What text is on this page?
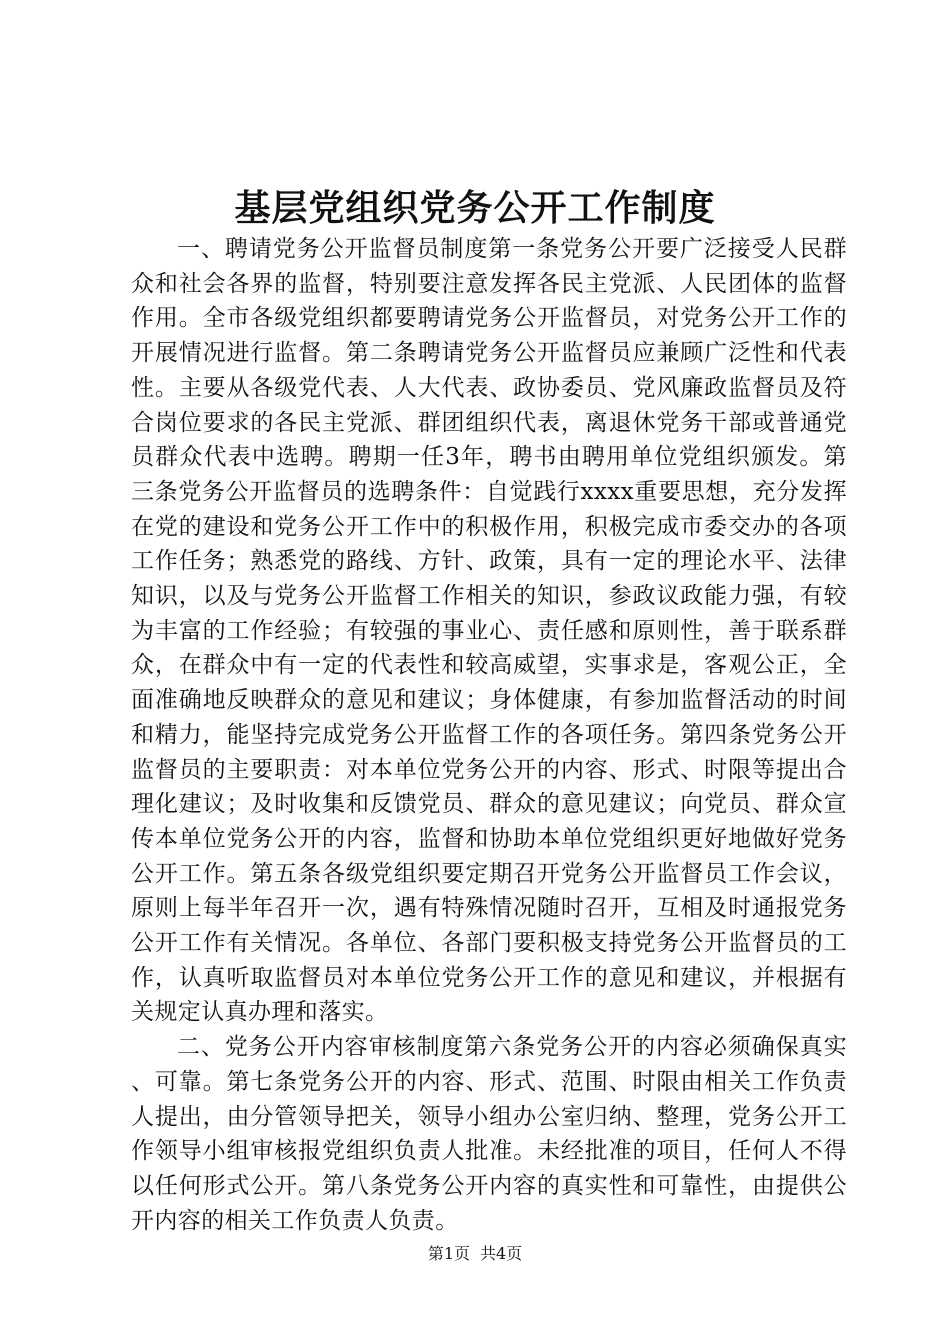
基层党组织党务公开工作制度

一、聘请党务公开监督员制度第一条党务公开要广泛接受人民群众和社会各界的监督，特别要注意发挥各民主党派、人民团体的监督作用。全市各级党组织都要聘请党务公开监督员，对党务公开工作的开展情况进行监督。第二条聘请党务公开监督员应兼顾广泛性和代表性。主要从各级党代表、人大代表、政协委员、党风廉政监督员及符合岗位要求的各民主党派、群团组织代表，离退休党务干部或普通党员群众代表中选聘。聘期一任3年，聘书由聘用单位党组织颁发。第三条党务公开监督员的选聘条件：自觉践行xxxx重要思想，充分发挥在党的建设和党务公开工作中的积极作用，积极完成市委交办的各项工作任务；熟悉党的路线、方针、政策，具有一定的理论水平、法律知识，以及与党务公开监督工作相关的知识，参政议政能力强，有较为丰富的工作经验；有较强的事业心、责任感和原则性，善于联系群众，在群众中有一定的代表性和较高威望，实事求是，客观公正，全面准确地反映群众的意见和建议；身体健康，有参加监督活动的时间和精力，能坚持完成党务公开监督工作的各项任务。第四条党务公开监督员的主要职责：对本单位党务公开的内容、形式、时限等提出合理化建议；及时收集和反馈党员、群众的意见建议；向党员、群众宣传本单位党务公开的内容，监督和协助本单位党组织更好地做好党务公开工作。第五条各级党组织要定期召开党务公开监督员工作会议，原则上每半年召开一次，遇有特殊情况随时召开，互相及时通报党务公开工作有关情况。各单位、各部门要积极支持党务公开监督员的工作，认真听取监督员对本单位党务公开工作的意见和建议，并根据有关规定认真办理和落实。

二、党务公开内容审核制度第六条党务公开的内容必须确保真实、可靠。第七条党务公开的内容、形式、范围、时限由相关工作负责人提出，由分管领导把关，领导小组办公室归纳、整理，党务公开工作领导小组审核报党组织负责人批准。未经批准的项目，任何人不得以任何形式公开。第八条党务公开内容的真实性和可靠性，由提供公开内容的相关工作负责人负责。

第1页 共4页
